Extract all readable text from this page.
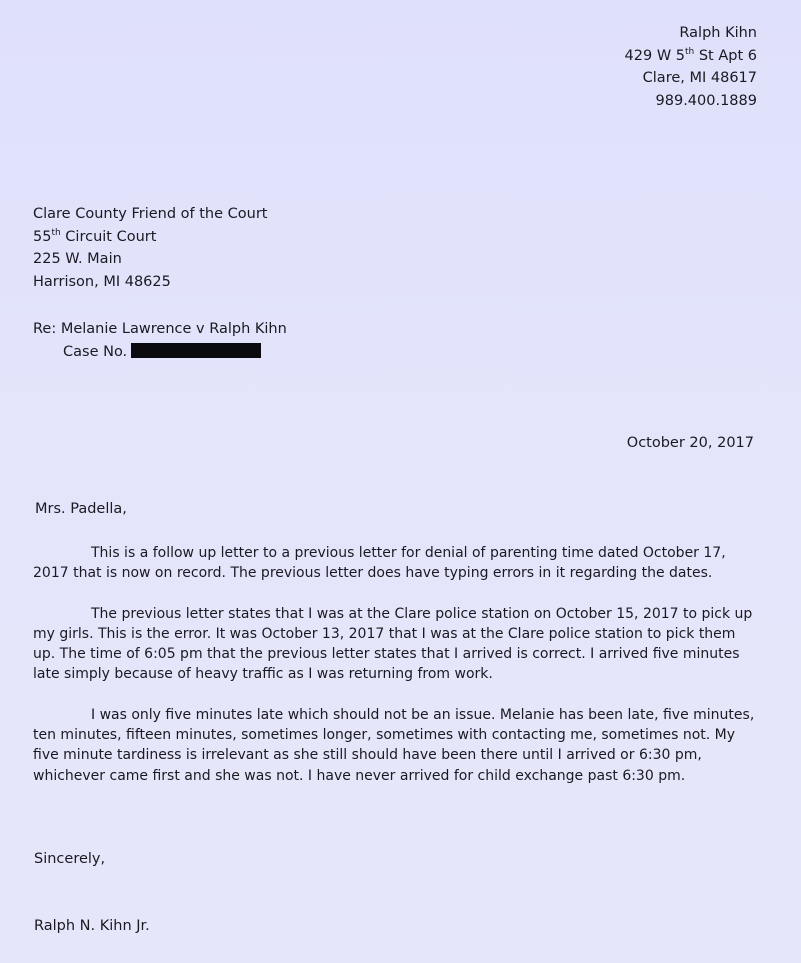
Ralph Kihn
429 W 5th St Apt 6
Clare, MI 48617
989.400.1889
Clare County Friend of the Court
55th Circuit Court
225 W. Main
Harrison, MI 48625
Re: Melanie Lawrence v Ralph Kihn
Case No.
October 20, 2017
Mrs. Padella,

This is a follow up letter to a previous letter for denial of parenting time dated October 17, 2017 that is now on record. The previous letter does have typing errors in it regarding the dates.

The previous letter states that I was at the Clare police station on October 15, 2017 to pick up my girls. This is the error. It was October 13, 2017 that I was at the Clare police station to pick them up. The time of 6:05 pm that the previous letter states that I arrived is correct. I arrived five minutes late simply because of heavy traffic as I was returning from work.

I was only five minutes late which should not be an issue. Melanie has been late, five minutes, ten minutes, fifteen minutes, sometimes longer, sometimes with contacting me, sometimes not. My five minute tardiness is irrelevant as she still should have been there until I arrived or 6:30 pm, whichever came first and she was not. I have never arrived for child exchange past 6:30 pm.

Sincerely,
Ralph N. Kihn Jr.
